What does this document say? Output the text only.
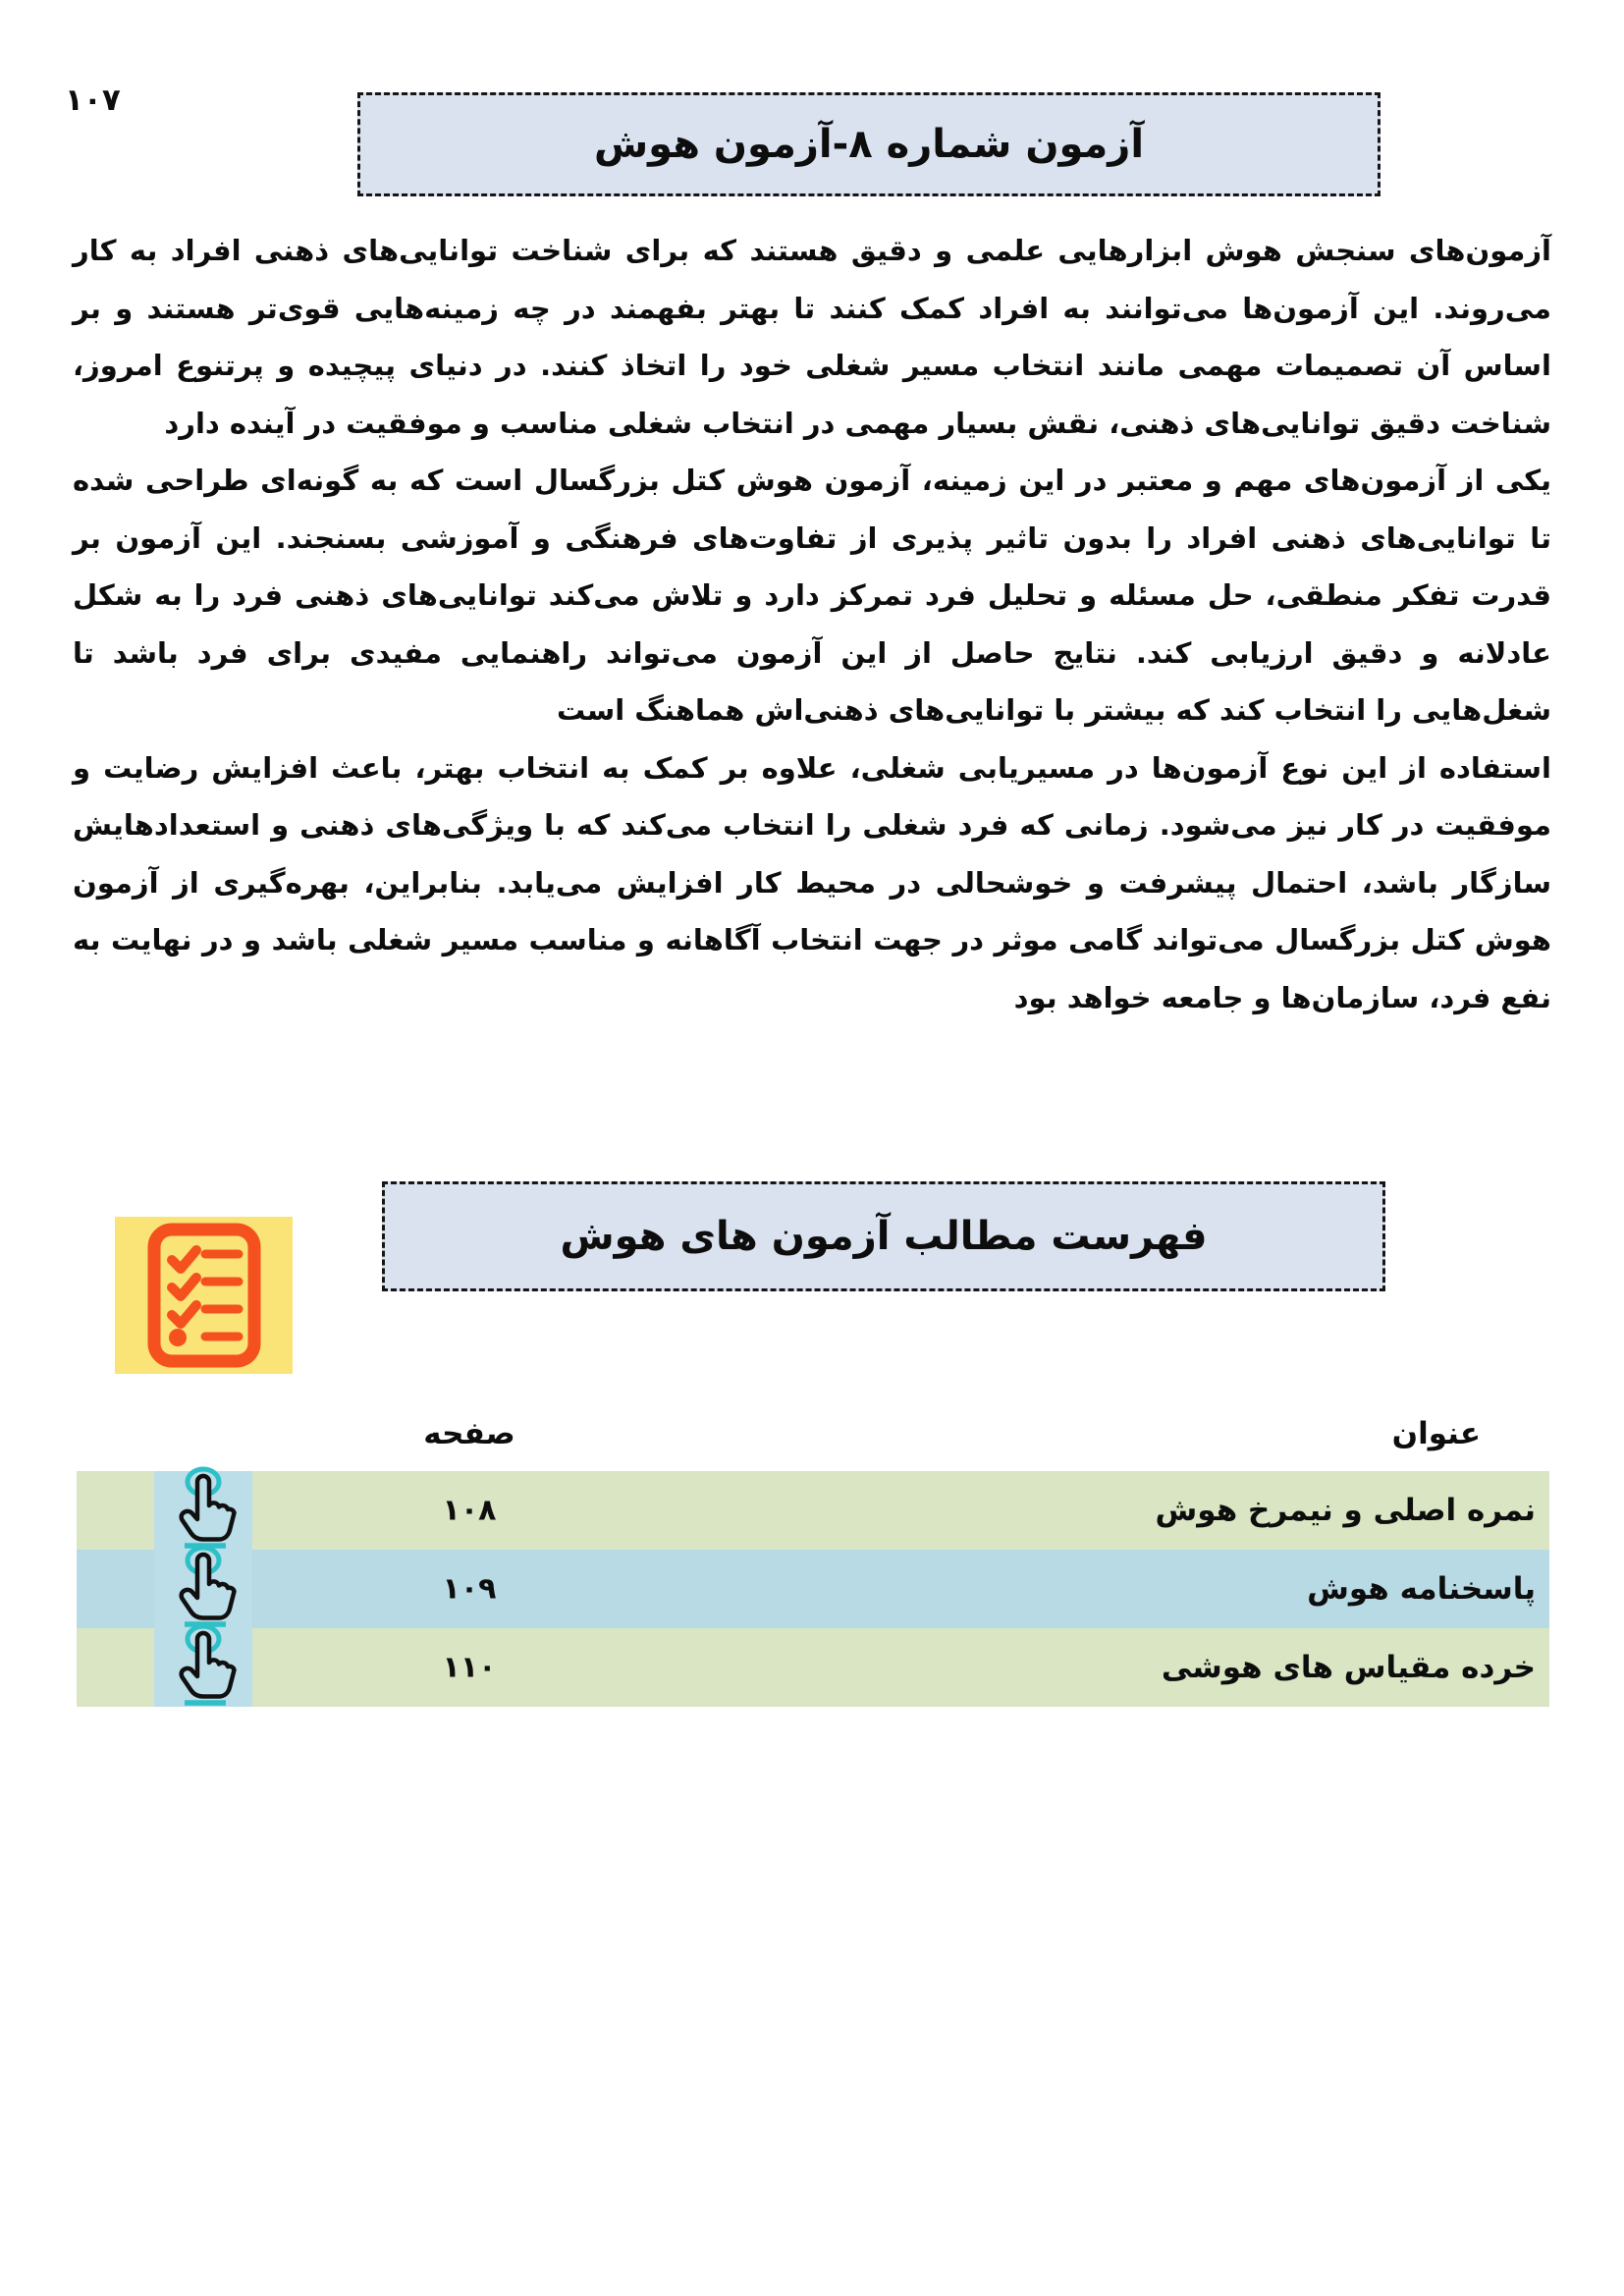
۱۰۷
آزمون شماره ۸-آزمون هوش

آزمون‌های سنجش هوش ابزارهایی علمی و دقیق هستند که برای شناخت توانایی‌های ذهنی افراد به کار می‌روند. این آزمون‌ها می‌توانند به افراد کمک کنند تا بهتر بفهمند در چه زمینه‌هایی قوی‌تر هستند و بر اساس آن تصمیمات مهمی مانند انتخاب مسیر شغلی خود را اتخاذ کنند. در دنیای پیچیده و پرتنوع امروز، شناخت دقیق توانایی‌های ذهنی، نقش بسیار مهمی در انتخاب شغلی مناسب و موفقیت در آینده دارد

یکی از آزمون‌های مهم و معتبر در این زمینه، آزمون هوش کتل بزرگسال است که به گونه‌ای طراحی شده تا توانایی‌های ذهنی افراد را بدون تاثیر پذیری از تفاوت‌های فرهنگی و آموزشی بسنجند. این آزمون بر قدرت تفکر منطقی، حل مسئله و تحلیل فرد تمرکز دارد و تلاش می‌کند توانایی‌های ذهنی فرد را به شکل عادلانه و دقیق ارزیابی کند. نتایج حاصل از این آزمون می‌تواند راهنمایی مفیدی برای فرد باشد تا شغل‌هایی را انتخاب کند که بیشتر با توانایی‌های ذهنی‌اش هماهنگ است

استفاده از این نوع آزمون‌ها در مسیریابی شغلی، علاوه بر کمک به انتخاب بهتر، باعث افزایش رضایت و موفقیت در کار نیز می‌شود. زمانی که فرد شغلی را انتخاب می‌کند که با ویژگی‌های ذهنی و استعدادهایش سازگار باشد، احتمال پیشرفت و خوشحالی در محیط کار افزایش می‌یابد. بنابراین، بهره‌گیری از آزمون هوش کتل بزرگسال می‌تواند گامی موثر در جهت انتخاب آگاهانه و مناسب مسیر شغلی باشد و در نهایت به نفع فرد، سازمان‌ها و جامعه خواهد بود

فهرست مطالب آزمون های هوش
عنوان
صفحه
نمره اصلی و نیمرخ هوش
۱۰۸
پاسخنامه هوش
۱۰۹
خرده مقیاس های هوشی
۱۱۰
